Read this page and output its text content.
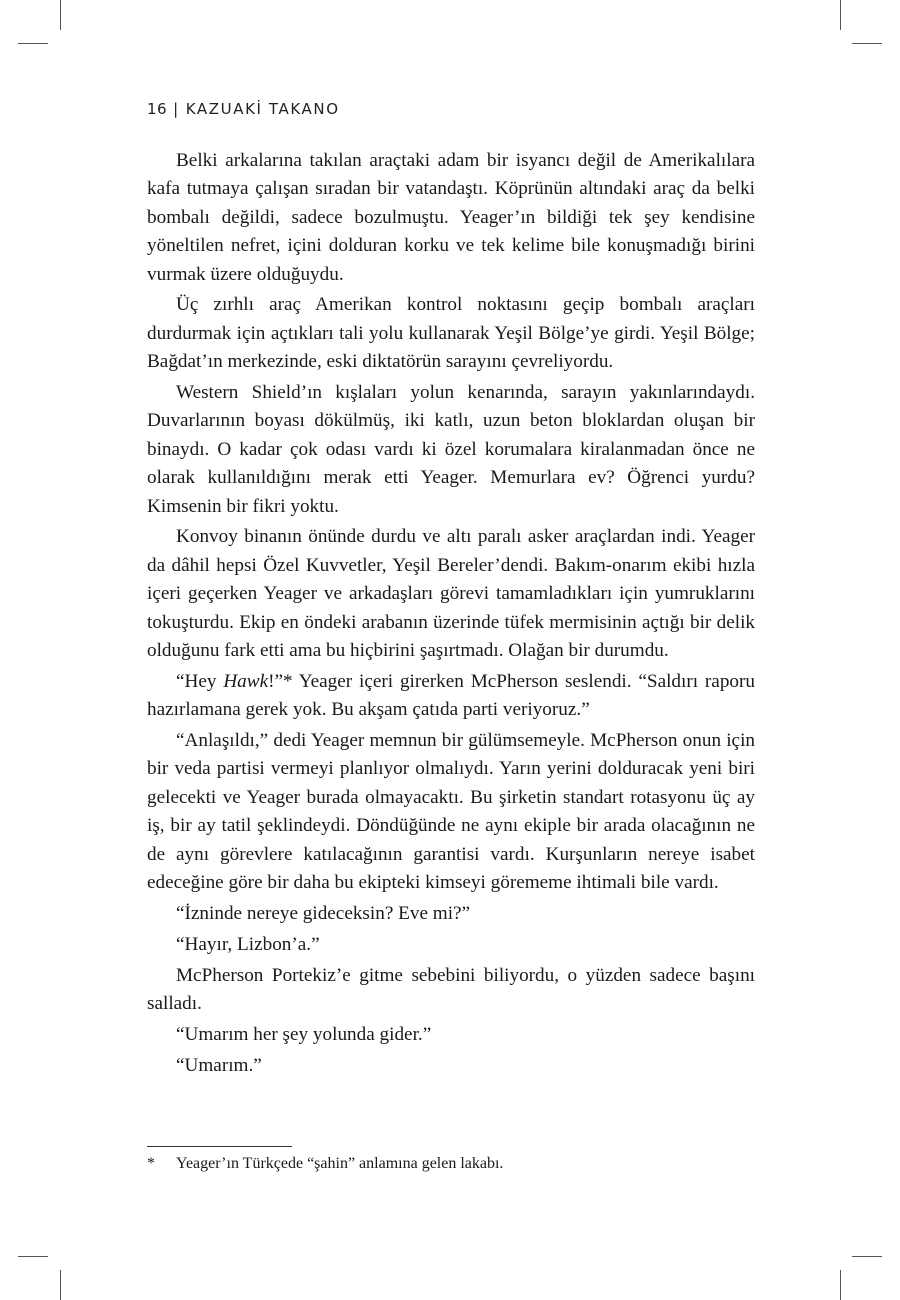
16 | KAZUAKİ TAKANO

Belki arkalarına takılan araçtaki adam bir isyancı değil de Amerikalılara kafa tutmaya çalışan sıradan bir vatandaştı. Köprünün altındaki araç da belki bombalı değildi, sadece bozulmuştu. Yeager’ın bildiği tek şey kendisine yöneltilen nefret, içini dolduran korku ve tek kelime bile konuşmadığı birini vurmak üzere olduğuydu.

Üç zırhlı araç Amerikan kontrol noktasını geçip bombalı araçları durdurmak için açtıkları tali yolu kullanarak Yeşil Bölge’ye girdi. Yeşil Bölge; Bağdat’ın merkezinde, eski diktatörün sarayını çevreliyordu.

Western Shield’ın kışlaları yolun kenarında, sarayın yakınlarındaydı. Duvarlarının boyası dökülmüş, iki katlı, uzun beton bloklardan oluşan bir binaydı. O kadar çok odası vardı ki özel korumalara kiralanmadan önce ne olarak kullanıldığını merak etti Yeager. Memurlara ev? Öğrenci yurdu? Kimsenin bir fikri yoktu.

Konvoy binanın önünde durdu ve altı paralı asker araçlardan indi. Yeager da dâhil hepsi Özel Kuvvetler, Yeşil Bereler’dendi. Bakım-onarım ekibi hızla içeri geçerken Yeager ve arkadaşları görevi tamamladıkları için yumruklarını tokuşturdu. Ekip en öndeki arabanın üzerinde tüfek mermisinin açtığı bir delik olduğunu fark etti ama bu hiçbirini şaşırtmadı. Olağan bir durumdu.

“Hey Hawk!”* Yeager içeri girerken McPherson seslendi. “Saldırı raporu hazırlamana gerek yok. Bu akşam çatıda parti veriyoruz.”

“Anlaşıldı,” dedi Yeager memnun bir gülümsemeyle. McPherson onun için bir veda partisi vermeyi planlıyor olmalıydı. Yarın yerini dolduracak yeni biri gelecekti ve Yeager burada olmayacaktı. Bu şirketin standart rotasyonu üç ay iş, bir ay tatil şeklindeydi. Döndüğünde ne aynı ekiple bir arada olacağının ne de aynı görevlere katılacağının garantisi vardı. Kurşunların nereye isabet edeceğine göre bir daha bu ekipteki kimseyi görememe ihtimali bile vardı.

“İzninde nereye gideceksin? Eve mi?”

“Hayır, Lizbon’a.”

McPherson Portekiz’e gitme sebebini biliyordu, o yüzden sadece başını salladı.

“Umarım her şey yolunda gider.”

“Umarım.”

* Yeager’ın Türkçede “şahin” anlamına gelen lakabı.
